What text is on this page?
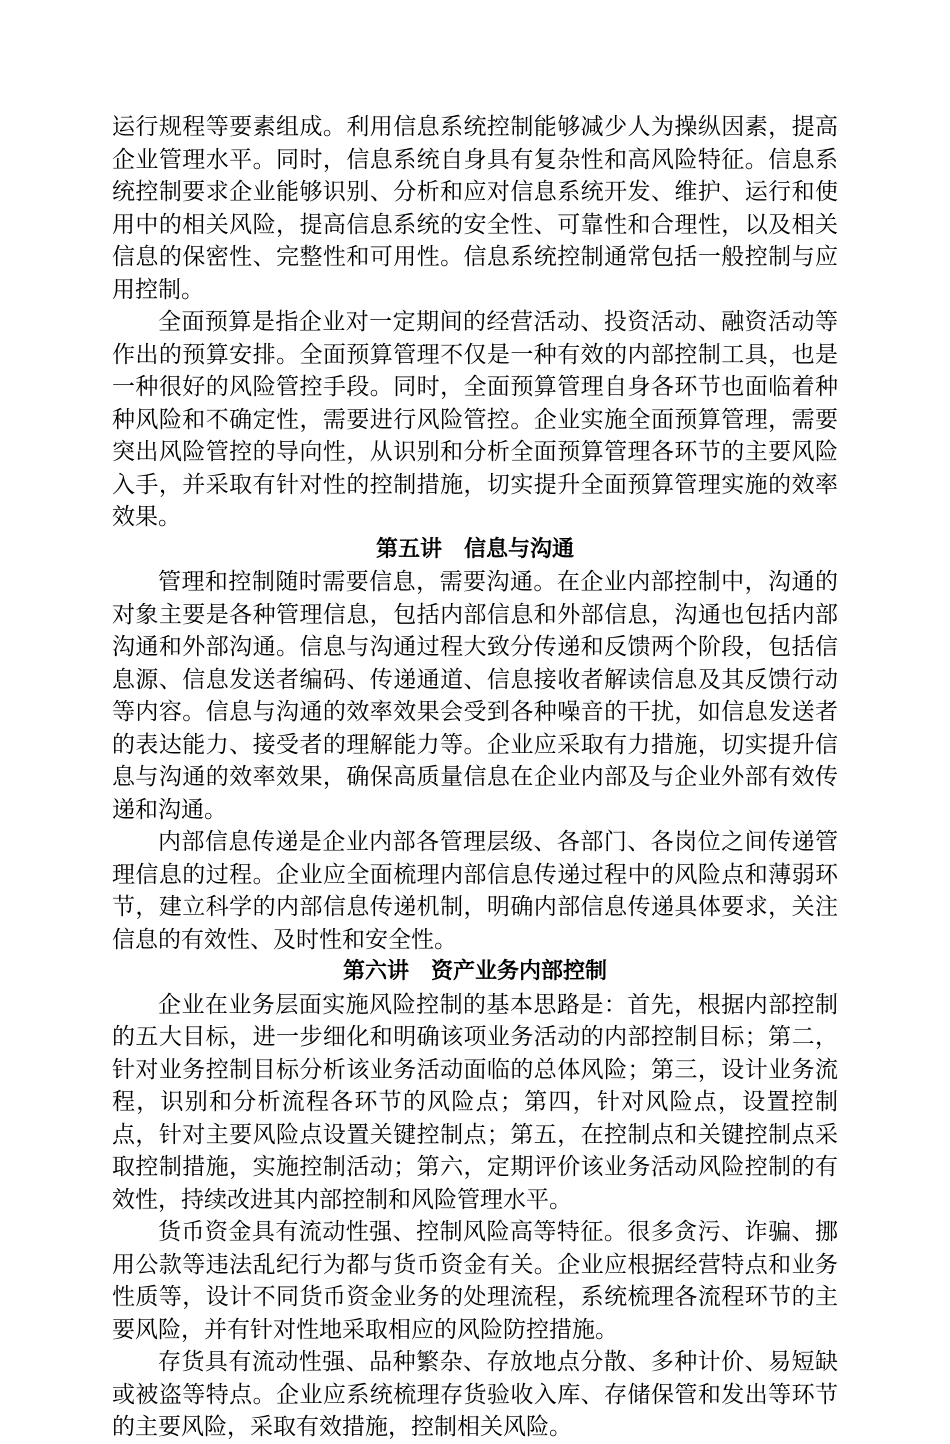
运行规程等要素组成。利用信息系统控制能够减少人为操纵因素，提高企业管理水平。同时，信息系统自身具有复杂性和高风险特征。信息系统控制要求企业能够识别、分析和应对信息系统开发、维护、运行和使用中的相关风险，提高信息系统的安全性、可靠性和合理性，以及相关信息的保密性、完整性和可用性。信息系统控制通常包括一般控制与应用控制。

全面预算是指企业对一定期间的经营活动、投资活动、融资活动等作出的预算安排。全面预算管理不仅是一种有效的内部控制工具，也是一种很好的风险管控手段。同时，全面预算管理自身各环节也面临着种种风险和不确定性，需要进行风险管控。企业实施全面预算管理，需要突出风险管控的导向性，从识别和分析全面预算管理各环节的主要风险入手，并采取有针对性的控制措施，切实提升全面预算管理实施的效率效果。

第五讲　信息与沟通

管理和控制随时需要信息，需要沟通。在企业内部控制中，沟通的对象主要是各种管理信息，包括内部信息和外部信息，沟通也包括内部沟通和外部沟通。信息与沟通过程大致分传递和反馈两个阶段，包括信息源、信息发送者编码、传递通道、信息接收者解读信息及其反馈行动等内容。信息与沟通的效率效果会受到各种噪音的干扰，如信息发送者的表达能力、接受者的理解能力等。企业应采取有力措施，切实提升信息与沟通的效率效果，确保高质量信息在企业内部及与企业外部有效传递和沟通。

内部信息传递是企业内部各管理层级、各部门、各岗位之间传递管理信息的过程。企业应全面梳理内部信息传递过程中的风险点和薄弱环节，建立科学的内部信息传递机制，明确内部信息传递具体要求，关注信息的有效性、及时性和安全性。

第六讲　资产业务内部控制

企业在业务层面实施风险控制的基本思路是：首先，根据内部控制的五大目标，进一步细化和明确该项业务活动的内部控制目标；第二，针对业务控制目标分析该业务活动面临的总体风险；第三，设计业务流程，识别和分析流程各环节的风险点；第四，针对风险点，设置控制点，针对主要风险点设置关键控制点；第五，在控制点和关键控制点采取控制措施，实施控制活动；第六，定期评价该业务活动风险控制的有效性，持续改进其内部控制和风险管理水平。

货币资金具有流动性强、控制风险高等特征。很多贪污、诈骗、挪用公款等违法乱纪行为都与货币资金有关。企业应根据经营特点和业务性质等，设计不同货币资金业务的处理流程，系统梳理各流程环节的主要风险，并有针对性地采取相应的风险防控措施。

存货具有流动性强、品种繁杂、存放地点分散、多种计价、易短缺或被盗等特点。企业应系统梳理存货验收入库、存储保管和发出等环节的主要风险，采取有效措施，控制相关风险。
